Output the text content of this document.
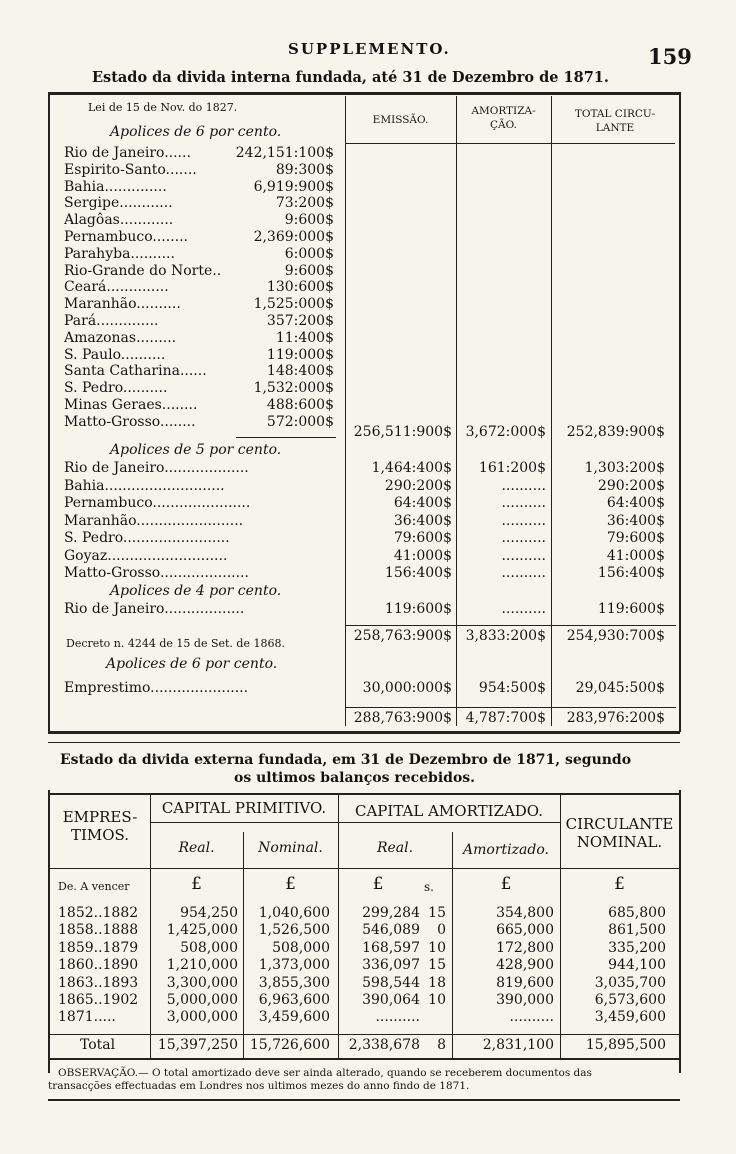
SUPPLEMENTO.	159
Estado da divida interna fundada, até 31 de Dezembro de 1871.
Lei de 15 de Nov. do 1827.
EMISSÃO.
AMORTIZA-
ÇÃO.
TOTAL CIRCU-
LANTE
Apolices de 6 por cento.
Rio de Janeiro......	242,151:100$
Espirito-Santo.......	89:300$
Bahia..............	6,919:900$
Sergipe............	73:200$
Alagôas............	9:600$
Pernambuco........	2,369:000$
Parahyba..........	6:000$
Rio-Grande do Norte..	9:600$
Ceará..............	130:600$
Maranhão..........	1,525:000$
Pará..............	357:200$
Amazonas.........	11:400$
S. Paulo..........	119:000$
Santa Catharina......	148:400$
S. Pedro..........	1,532:000$
Minas Geraes........	488:600$
Matto-Grosso........	572:000$
256,511:900$ 3,672:000$	252,839:900$
Apolices de 5 por cento.
Rio de Janeiro...................	1,464:400$	161:200$	1,303:200$
Bahia...........................	290:200$	..........	290:200$
Pernambuco......................	64:400$	..........	64:400$
Maranhão........................	36:400$	..........	36:400$
S. Pedro........................	79:600$	..........	79:600$
Goyaz...........................	41:000$	..........	41:000$
Matto-Grosso....................	156:400$	..........	156:400$
Apolices de 4 por cento.
Rio de Janeiro..................	119:600$	..........	119:600$
258,763:900$ 3,833:200$	254,930:700$
Decreto n. 4244 de 15 de Set. de 1868.
Apolices de 6 por cento.
Emprestimo......................	30,000:000$	954:500$	29,045:500$
288,763:900$ 4,787:700$	283,976:200$
Estado da divida externa fundada, em 31 de Dezembro de 1871, segundo
os ultimos balanços recebidos.
EMPRES-
TIMOS.
CAPITAL PRIMITIVO.
Real.	Nominal.
CAPITAL AMORTIZADO.
Real.	Amortizado.
CIRCULANTE
NOMINAL.
De. A vencer	£	£	£	s.	£	£
1852..1882	954,250	1,040,600	299,284 15	354,800	685,800
1858..1888	1,425,000	1,526,500	546,089	0	665,000	861,500
1859..1879	508,000	508,000	168,597 10	172,800	335,200
1860..1890	1,210,000	1,373,000	336,097 15	428,900	944,100
1863..1893	3,300,000	3,855,300	598,544 18	819,600	3,035,700
1865..1902	5,000,000	6,963,600	390,064 10	390,000	6,573,600
1871.....	3,000,000	3,459,600	..........	..........	3,459,600
Total	15,397,250 15,726,600	2,338,678	8	2,831,100	15,895,500
OBSERVAÇÃO.— O total amortizado deve ser ainda alterado, quando se receberem documentos das
transacções effectuadas em Londres nos ultimos mezes do anno findo de 1871.
